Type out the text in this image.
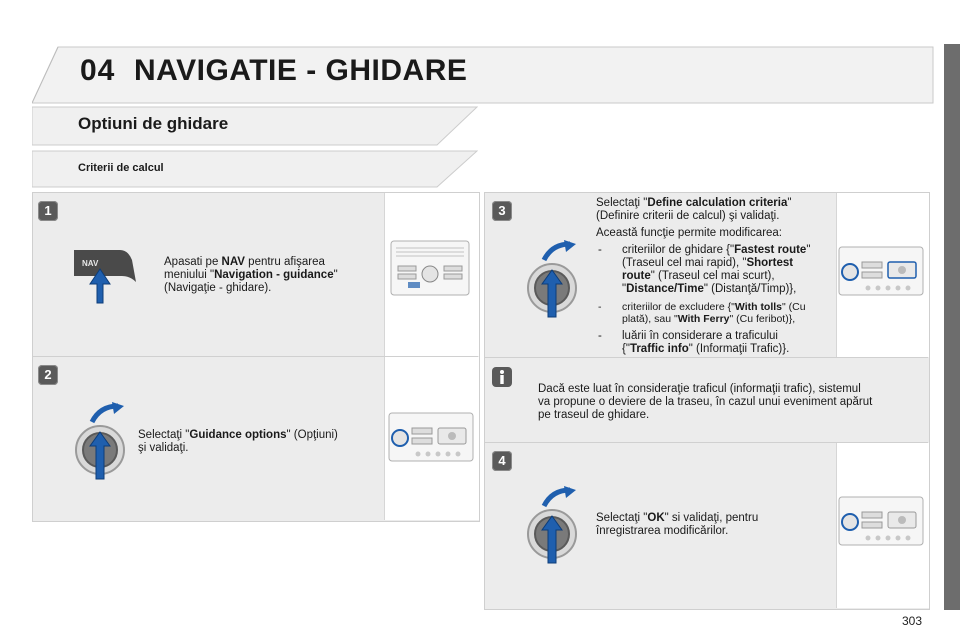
04 NAVIGATIE - GHIDARE
Optiuni de ghidare
Criterii de calcul
1
NAV	Apasati pe NAV pentru afişarea
meniului "Navigation - guidance"
(Navigaţie - ghidare).
2
Selectaţi "Guidance options" (Opţiuni)
şi validaţi.
3	Selectaţi "Define calculation criteria"
(Definire criterii de calcul) şi validaţi.
Această funcţie permite modificarea:
- criteriilor de ghidare {"Fastest route"
(Traseul cel mai rapid), "Shortest
route" (Traseul cel mai scurt),
"Distance/Time" (Distanţă/Timp)},
- criteriilor de excludere {"With tolls" (Cu
plată), sau "With Ferry" (Cu feribot)},
- luării în considerare a traficului
{"Traffic info" (Informaţii Trafic)}.
Dacă este luat în consideraţie traficul (informaţii trafic), sistemul
va propune o deviere de la traseu, în cazul unui eveniment apărut
pe traseul de ghidare.
4
Selectaţi "OK" si validaţi, pentru
înregistrarea modificărilor.
303
